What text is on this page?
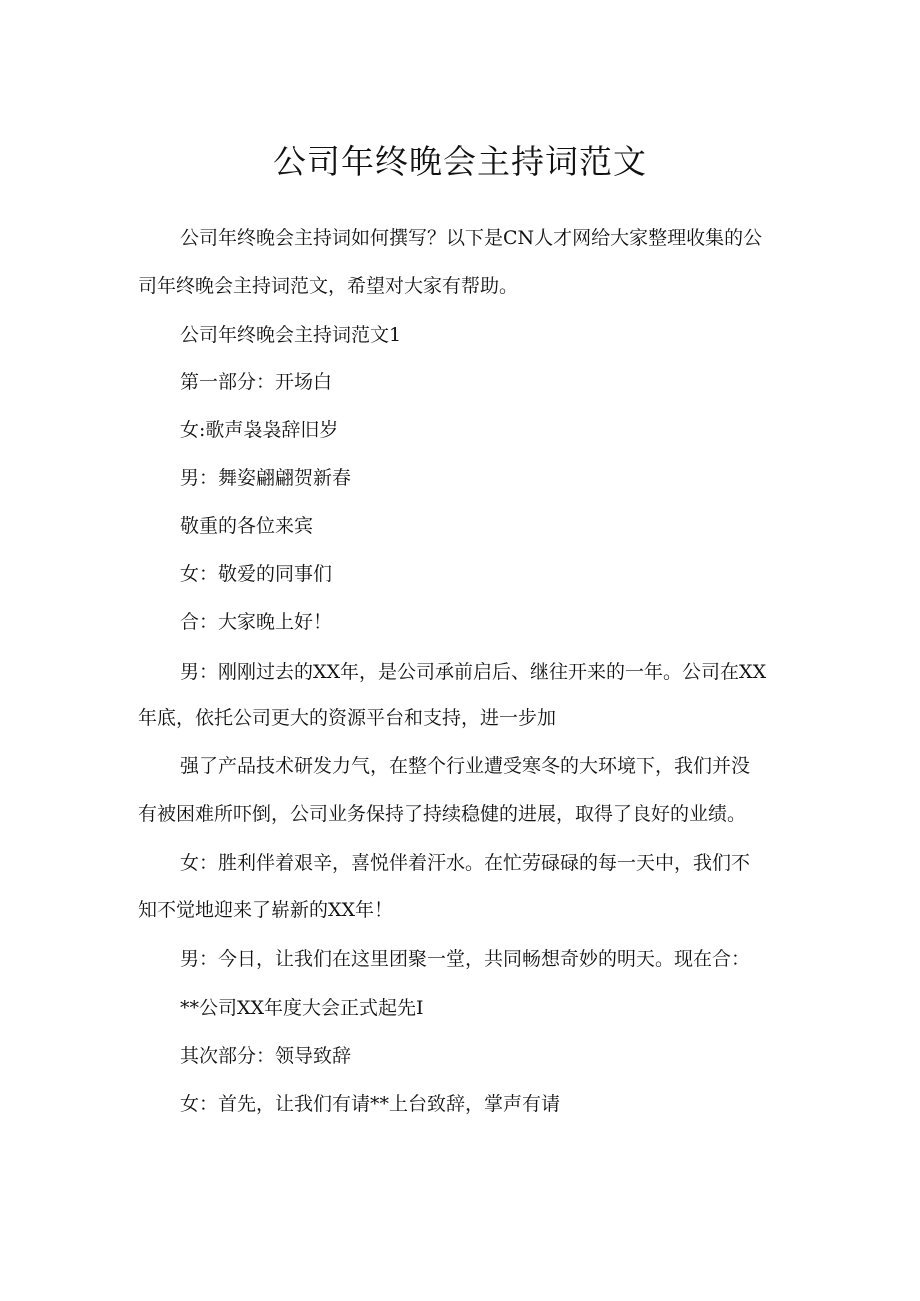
公司年终晚会主持词范文

公司年终晚会主持词如何撰写？以下是CN人才网给大家整理收集的公

司年终晚会主持词范文，希望对大家有帮助。

公司年终晚会主持词范文1

第一部分：开场白

女:歌声袅袅辞旧岁

男：舞姿翩翩贺新春

敬重的各位来宾

女：敬爱的同事们

合：大家晚上好！

男：刚刚过去的XX年，是公司承前启后、继往开来的一年。公司在XX

年底，依托公司更大的资源平台和支持，进一步加

强了产品技术研发力气，在整个行业遭受寒冬的大环境下，我们并没

有被困难所吓倒，公司业务保持了持续稳健的进展，取得了良好的业绩。

女：胜利伴着艰辛，喜悦伴着汗水。在忙劳碌碌的每一天中，我们不

知不觉地迎来了崭新的XX年！

男：今日，让我们在这里团聚一堂，共同畅想奇妙的明天。现在合：

**公司XX年度大会正式起先I

其次部分：领导致辞

女：首先，让我们有请**上台致辞，掌声有请
